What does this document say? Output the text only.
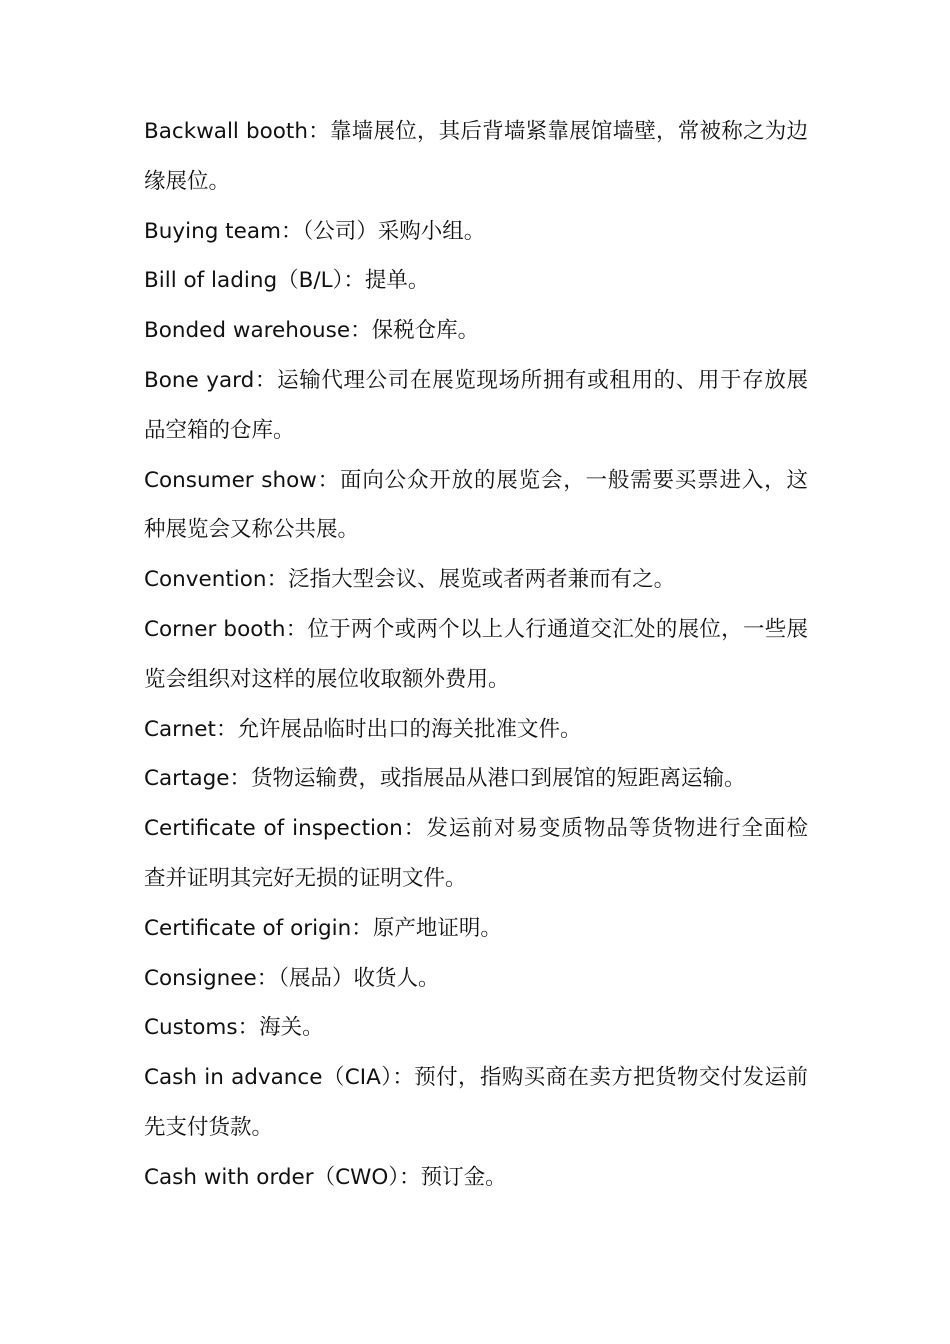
Backwall booth：靠墙展位，其后背墙紧靠展馆墙壁，常被称之为边缘展位。

Buying team：（公司）采购小组。

Bill of lading（B/L）：提单。

Bonded warehouse：保税仓库。

Bone yard：运输代理公司在展览现场所拥有或租用的、用于存放展品空箱的仓库。

Consumer show：面向公众开放的展览会，一般需要买票进入，这种展览会又称公共展。

Convention：泛指大型会议、展览或者两者兼而有之。

Corner booth：位于两个或两个以上人行通道交汇处的展位，一些展览会组织对这样的展位收取额外费用。

Carnet：允许展品临时出口的海关批准文件。

Cartage：货物运输费，或指展品从港口到展馆的短距离运输。

Certificate of inspection：发运前对易变质物品等货物进行全面检查并证明其完好无损的证明文件。

Certificate of origin：原产地证明。

Consignee：（展品）收货人。

Customs：海关。

Cash in advance（CIA）：预付，指购买商在卖方把货物交付发运前先支付货款。

Cash with order（CWO）：预订金。
